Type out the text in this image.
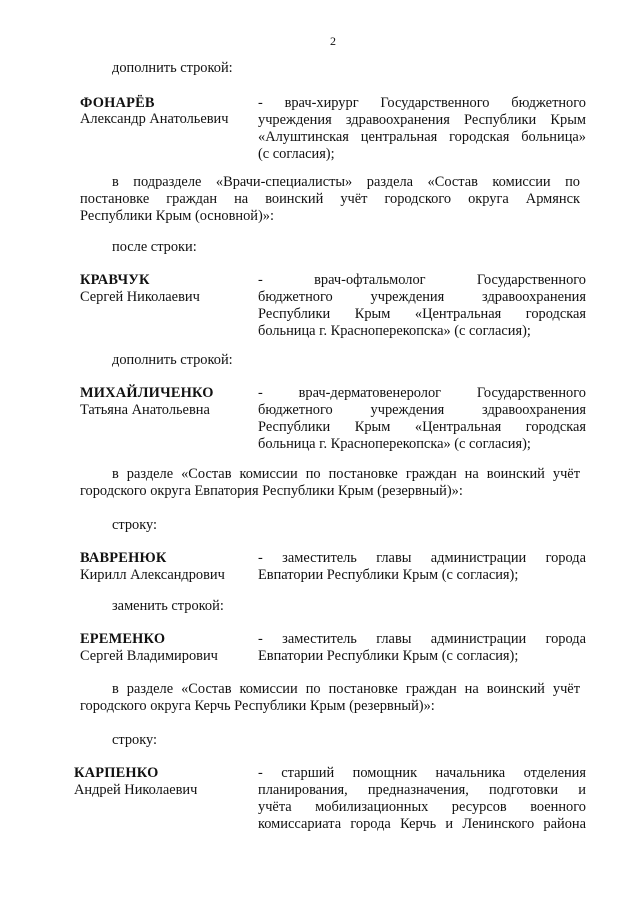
2
дополнить строкой:
ФОНАРЁВ
Александр Анатольевич
- врач-хирург Государственного бюджетного
учреждения здравоохранения Республики Крым
«Алуштинская центральная городская больница»
(с согласия);
в подразделе «Врачи-специалисты» раздела «Состав комиссии по
постановке граждан на воинский учёт городского округа Армянск
Республики Крым (основной)»:
после строки:
КРАВЧУК
Сергей Николаевич
- врач-офтальмолог Государственного
бюджетного учреждения здравоохранения
Республики Крым «Центральная городская
больница г. Красноперекопска» (с согласия);
дополнить строкой:
МИХАЙЛИЧЕНКО
Татьяна Анатольевна
- врач-дерматовенеролог Государственного
бюджетного учреждения здравоохранения
Республики Крым «Центральная городская
больница г. Красноперекопска» (с согласия);
в разделе «Состав комиссии по постановке граждан на воинский учёт
городского округа Евпатория Республики Крым (резервный)»:
строку:
ВАВРЕНЮК
Кирилл Александрович
- заместитель главы администрации города
Евпатории Республики Крым (с согласия);
заменить строкой:
ЕРЕМЕНКО
Сергей Владимирович
- заместитель главы администрации города
Евпатории Республики Крым (с согласия);
в разделе «Состав комиссии по постановке граждан на воинский учёт
городского округа Керчь Республики Крым (резервный)»:
строку:
КАРПЕНКО
Андрей Николаевич
- старший помощник начальника отделения
планирования, предназначения, подготовки и
учёта мобилизационных ресурсов военного
комиссариата города Керчь и Ленинского района
